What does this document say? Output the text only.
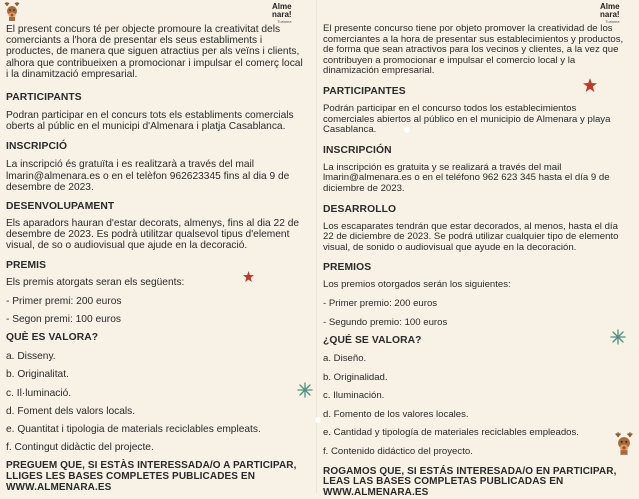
Alme
nara!
Turisme
Alme
nara!
Turisme

El present concurs té per objecte promoure la creativitat dels comerciants a l'hora de presentar els seus establiments i productes, de manera que siguen atractius per als veïns i clients, alhora que contribueixen a promocionar i impulsar el comerç local i la dinamització empresarial.

PARTICIPANTS

Podran participar en el concurs tots els establiments comercials oberts al públic en el municipi d'Almenara i platja Casablanca.

INSCRIPCIÓ

La inscripció és gratuïta i es realitzarà a través del mail lmarin@almenara.es o en el telèfon 962623345 fins al dia 9 de desembre de 2023.

DESENVOLUPAMENT

Els aparadors hauran d'estar decorats, almenys, fins al dia 22 de desembre de 2023. Es podrà utilitzar qualsevol tipus d'element visual, de so o audiovisual que ajude en la decoració.

PREMIS

Els premis atorgats seran els següents:

- Primer premi: 200 euros

- Segon premi: 100 euros

QUÈ ES VALORA?

a. Disseny.

b. Originalitat.

c. Il·luminació.

d. Foment dels valors locals.

e. Quantitat i tipologia de materials reciclables empleats.

f. Contingut didàctic del projecte.

PREGUEM QUE, SI ESTÀS INTERESSADA/O A PARTICIPAR, LLIGES LES BASES COMPLETES PUBLICADES EN WWW.ALMENARA.ES

El presente concurso tiene por objeto promover la creatividad de los comerciantes a la hora de presentar sus establecimientos y productos, de forma que sean atractivos para los vecinos y clientes, a la vez que contribuyen a promocionar e impulsar el comercio local y la dinamización empresarial.

PARTICIPANTES

Podrán participar en el concurso todos los establecimientos comerciales abiertos al público en el municipio de Almenara y playa Casablanca.

INSCRIPCIÓN

La inscripción es gratuita y se realizará a través del mail lmarin@almenara.es o en el teléfono 962 623 345 hasta el día 9 de diciembre de 2023.

DESARROLLO

Los escaparates tendrán que estar decorados, al menos, hasta el día 22 de diciembre de 2023. Se podrá utilizar cualquier tipo de elemento visual, de sonido o audiovisual que ayude en la decoración.

PREMIOS

Los premios otorgados serán los siguientes:

- Primer premio: 200 euros

- Segundo premio: 100 euros

¿QUÉ SE VALORA?

a. Diseño.

b. Originalidad.

c. Iluminación.

d. Fomento de los valores locales.

e. Cantidad y tipología de materiales reciclables empleados.

f. Contenido didáctico del proyecto.

ROGAMOS QUE, SI ESTÁS INTERESADA/O EN PARTICIPAR, LEAS LAS BASES COMPLETAS PUBLICADAS EN WWW.ALMENARA.ES
